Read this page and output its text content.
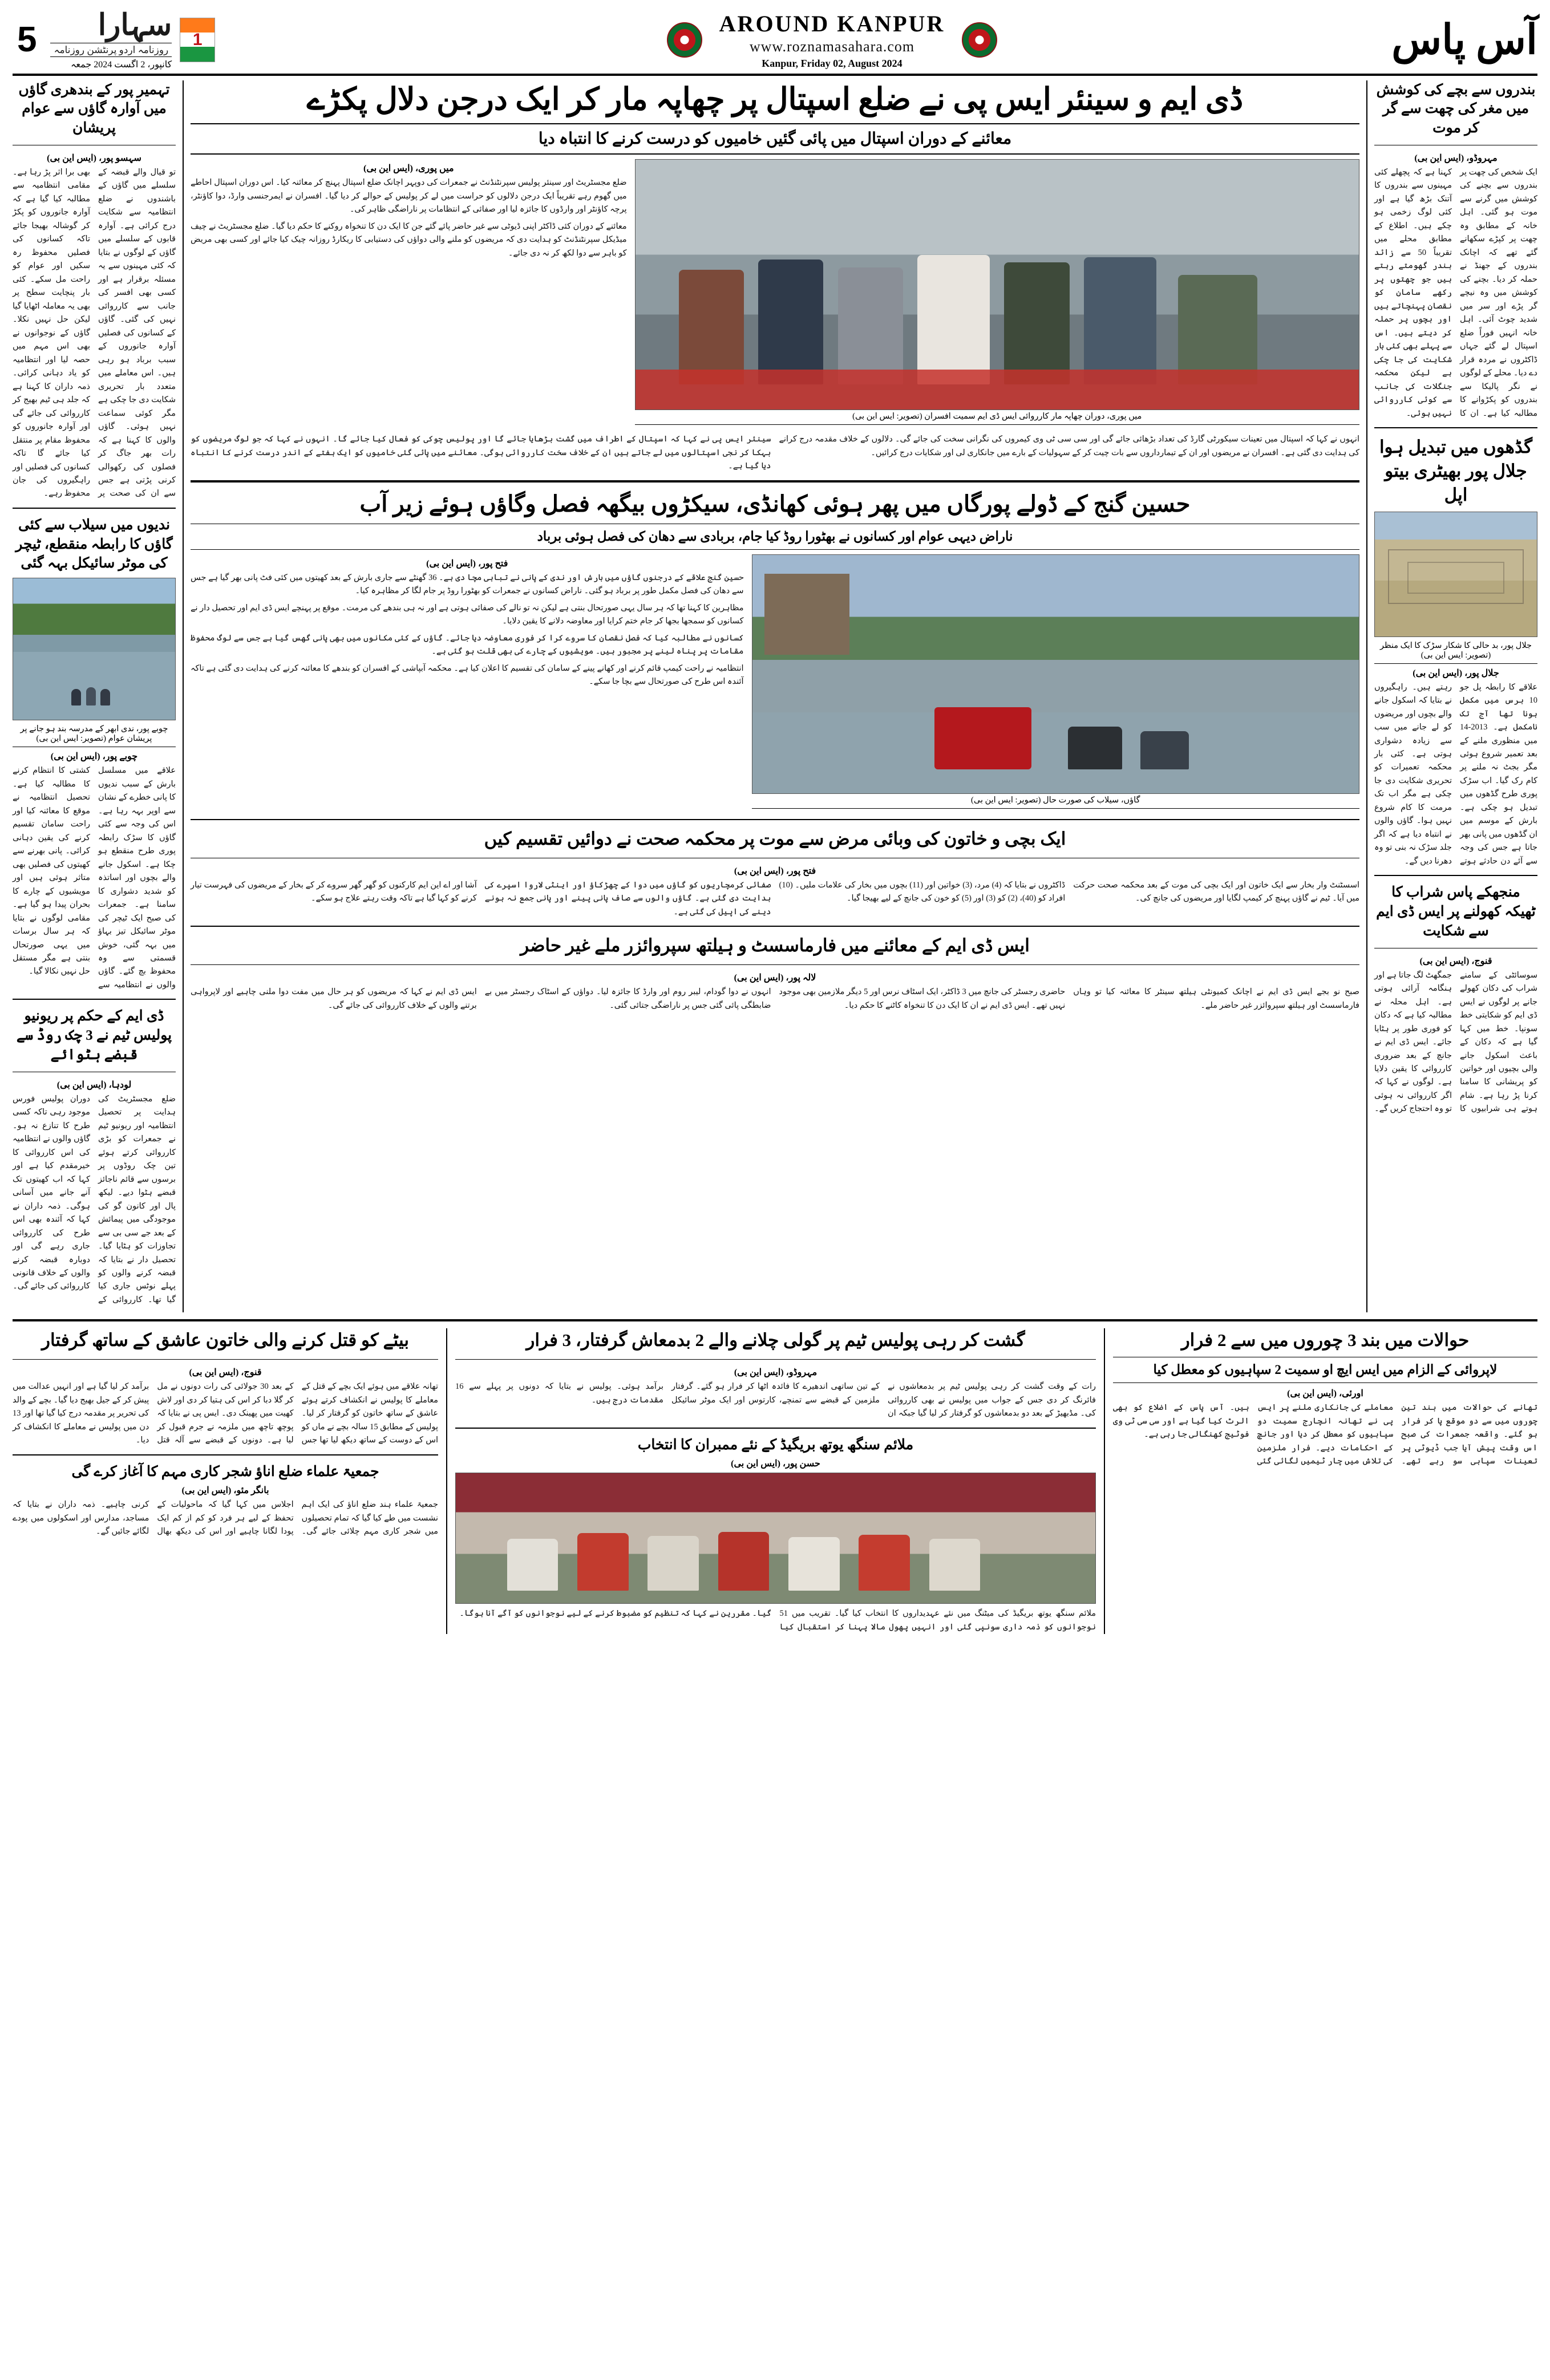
5 سہارا
روزنامہ اردو پرنٹشن روزنامہ
کانپور، 2 اگست 2024 جمعہ
1
AROUND KANPUR
www.roznamasahara.com
Kanpur, Friday 02, August 2024
آس پاس
بندروں سے بچے کی کوشش میں مغر کی چھت سے گر کر موت
مہروڈو، (ایس این بی)
ایک شخص کی چھت پر بندروں سے بچنے کی کوشش میں گرنے سے موت ہو گئی۔ اہل خانہ کے مطابق وہ چھت پر کپڑے سکھانے گئے تھے کہ اچانک بندروں کے جھنڈ نے حملہ کر دیا۔ بچنے کی کوشش میں وہ نیچے گر پڑے اور سر میں شدید چوٹ آئی۔ اہل خانہ انہیں فوراً ضلع اسپتال لے گئے جہاں ڈاکٹروں نے مردہ قرار دے دیا۔ محلے کے لوگوں نے نگر پالیکا سے بندروں کو پکڑوانے کا مطالبہ کیا ہے۔ ان کا کہنا ہے کہ پچھلے کئی مہینوں سے بندروں کا آتنک بڑھ گیا ہے اور کئی لوگ زخمی ہو چکے ہیں۔ اطلاع کے مطابق محلے میں تقریباً 50 سے زائد بندر گھومتے رہتے ہیں جو چھتوں پر رکھے سامان کو نقصان پہنچاتے ہیں اور بچوں پر حملہ کر دیتے ہیں۔ اس سے پہلے بھی کئی بار شکایت کی جا چکی ہے لیکن محکمہ جنگلات کی جانب سے کوئی کارروائی نہیں ہوئی۔
گڈھوں میں تبدیل ہوا جلال پور بھیٹری بیتو اپل
جلال پور، بد حالی کا شکار سڑک کا ایک منظر (تصویر: ایس این بی)
جلال پور، (ایس این بی)
علاقے کا رابطہ پل جو 10 برس میں مکمل ہونا تھا آج تک نامکمل ہے۔ 2013-14 میں منظوری ملنے کے بعد تعمیر شروع ہوئی مگر بجٹ نہ ملنے پر کام رک گیا۔ اب سڑک پوری طرح گڈھوں میں تبدیل ہو چکی ہے۔ بارش کے موسم میں ان گڈھوں میں پانی بھر جاتا ہے جس کی وجہ سے آئے دن حادثے ہوتے رہتے ہیں۔ راہگیروں نے بتایا کہ اسکول جانے والے بچوں اور مریضوں کو لے جانے میں سب سے زیادہ دشواری ہوتی ہے۔ کئی بار محکمہ تعمیرات کو تحریری شکایت دی جا چکی ہے مگر اب تک مرمت کا کام شروع نہیں ہوا۔ گاؤں والوں نے انتباہ دیا ہے کہ اگر جلد سڑک نہ بنی تو وہ دھرنا دیں گے۔
منجھکے پاس شراب کا ٹھیکہ کھولنے پر ایس ڈی ایم سے شکایت
قنوج، (ایس این بی)
سوسائٹی کے سامنے شراب کی دکان کھولے جانے پر لوگوں نے ایس ڈی ایم کو شکایتی خط سونپا۔ خط میں کہا گیا ہے کہ دکان کے باعث اسکول جانے والی بچیوں اور خواتین کو پریشانی کا سامنا کرنا پڑ رہا ہے۔ شام ہوتے ہی شرابیوں کا جمگھٹ لگ جاتا ہے اور ہنگامہ آرائی ہوتی ہے۔ اہل محلہ نے مطالبہ کیا ہے کہ دکان کو فوری طور پر ہٹایا جائے۔ ایس ڈی ایم نے جانچ کے بعد ضروری کارروائی کا یقین دلایا ہے۔ لوگوں نے کہا کہ اگر کارروائی نہ ہوئی تو وہ احتجاج کریں گے۔
ڈی ایم و سینئر ایس پی نے ضلع اسپتال پر چھاپہ مار کر ایک درجن دلال پکڑے
معائنے کے دوران اسپتال میں پائی گئیں خامیوں کو درست کرنے کا انتباہ دیا
میں پوری، دوران چھاپہ مار کارروائی ایس ڈی ایم سمیت افسران (تصویر: ایس این بی)
میں پوری، (ایس این بی)
ضلع مجسٹریٹ اور سینئر پولیس سپرنٹنڈنٹ نے جمعرات کی دوپہر اچانک ضلع اسپتال پہنچ کر معائنہ کیا۔ اس دوران اسپتال احاطے میں گھوم رہے تقریباً ایک درجن دلالوں کو حراست میں لے کر پولیس کے حوالے کر دیا گیا۔ افسران نے ایمرجنسی وارڈ، دوا کاؤنٹر، پرچہ کاؤنٹر اور وارڈوں کا جائزہ لیا اور صفائی کے انتظامات پر ناراضگی ظاہر کی۔
معائنے کے دوران کئی ڈاکٹر اپنی ڈیوٹی سے غیر حاضر پائے گئے جن کا ایک دن کا تنخواہ روکنے کا حکم دیا گیا۔ ضلع مجسٹریٹ نے چیف میڈیکل سپرنٹنڈنٹ کو ہدایت دی کہ مریضوں کو ملنے والی دواؤں کی دستیابی کا ریکارڈ روزانہ چیک کیا جائے اور کسی بھی مریض کو باہر سے دوا لکھ کر نہ دی جائے۔
انہوں نے کہا کہ اسپتال میں تعینات سیکورٹی گارڈ کی تعداد بڑھائی جائے گی اور سی سی ٹی وی کیمروں کی نگرانی سخت کی جائے گی۔ دلالوں کے خلاف مقدمہ درج کرانے کی ہدایت دی گئی ہے۔ افسران نے مریضوں اور ان کے تیمارداروں سے بات چیت کر کے سہولیات کے بارے میں جانکاری لی اور شکایات درج کرائیں۔
سینئر ایس پی نے کہا کہ اسپتال کے اطراف میں گشت بڑھایا جائے گا اور پولیس چوکی کو فعال کیا جائے گا۔ انہوں نے کہا کہ جو لوگ مریضوں کو بہکا کر نجی اسپتالوں میں لے جاتے ہیں ان کے خلاف سخت کارروائی ہوگی۔ معائنے میں پائی گئی خامیوں کو ایک ہفتے کے اندر درست کرنے کا انتباہ دیا گیا ہے۔
حسین گنج کے ڈولے پورگاں میں پھر ہوئی کھانڈی، سیکڑوں بیگھہ فصل وگاؤں ہوئے زیر آب
ناراض دیہی عوام اور کسانوں نے بھٹورا روڈ کیا جام، بربادی سے دھان کی فصل ہوئی برباد
گاؤں، سیلاب کی صورت حال (تصویر: ایس این بی)
فتح پور، (ایس این بی)
حسین گنج علاقے کے درجنوں گاؤں میں بارش اور ندی کے پانی نے تباہی مچا دی ہے۔ 36 گھنٹے سے جاری بارش کے بعد کھیتوں میں کئی فٹ پانی بھر گیا ہے جس سے دھان کی فصل مکمل طور پر برباد ہو گئی۔ ناراض کسانوں نے جمعرات کو بھٹورا روڈ پر جام لگا کر مظاہرہ کیا۔
مظاہرین کا کہنا تھا کہ ہر سال یہی صورتحال بنتی ہے لیکن نہ تو نالے کی صفائی ہوتی ہے اور نہ ہی بندھے کی مرمت۔ موقع پر پہنچے ایس ڈی ایم اور تحصیل دار نے کسانوں کو سمجھا بجھا کر جام ختم کرایا اور معاوضہ دلانے کا یقین دلایا۔
کسانوں نے مطالبہ کیا کہ فصل نقصان کا سروے کرا کر فوری معاوضہ دیا جائے۔ گاؤں کے کئی مکانوں میں بھی پانی گھس گیا ہے جس سے لوگ محفوظ مقامات پر پناہ لینے پر مجبور ہیں۔ مویشیوں کے چارے کی بھی قلت ہو گئی ہے۔
انتظامیہ نے راحت کیمپ قائم کرنے اور کھانے پینے کے سامان کی تقسیم کا اعلان کیا ہے۔ محکمہ آبپاشی کے افسران کو بندھے کا معائنہ کرنے کی ہدایت دی گئی ہے تاکہ آئندہ اس طرح کی صورتحال سے بچا جا سکے۔
ایک بچی و خاتون کی وبائی مرض سے موت پر محکمہ صحت نے دوائیں تقسیم کیں
فتح پور، (ایس این بی)
اسسٹنٹ وار بخار سے ایک خاتون اور ایک بچی کی موت کے بعد محکمہ صحت حرکت میں آیا۔ ٹیم نے گاؤں پہنچ کر کیمپ لگایا اور مریضوں کی جانچ کی۔
ڈاکٹروں نے بتایا کہ (4) مرد، (3) خواتین اور (11) بچوں میں بخار کی علامات ملیں۔ (10) افراد کو (40)، (2) کو (3) اور (5) کو خون کی جانچ کے لیے بھیجا گیا۔
صفائی کرمچاریوں کو گاؤں میں دوا کے چھڑکاؤ اور اینٹی لاروا اسپرے کی ہدایت دی گئی ہے۔ گاؤں والوں سے صاف پانی پینے اور پانی جمع نہ ہونے دینے کی اپیل کی گئی ہے۔
آشا اور اے این ایم کارکنوں کو گھر گھر سروے کر کے بخار کے مریضوں کی فہرست تیار کرنے کو کہا گیا ہے تاکہ وقت رہتے علاج ہو سکے۔
ایس ڈی ایم کے معائنے میں فارماسسٹ و ہیلتھ سپروائزر ملے غیر حاضر
لالہ پور، (ایس این بی)
صبح نو بجے ایس ڈی ایم نے اچانک کمیونٹی ہیلتھ سینٹر کا معائنہ کیا تو وہاں فارماسسٹ اور ہیلتھ سپروائزر غیر حاضر ملے۔
حاضری رجسٹر کی جانچ میں 3 ڈاکٹر، ایک اسٹاف نرس اور 5 دیگر ملازمین بھی موجود نہیں تھے۔ ایس ڈی ایم نے ان کا ایک دن کا تنخواہ کاٹنے کا حکم دیا۔
انہوں نے دوا گودام، لیبر روم اور وارڈ کا جائزہ لیا۔ دواؤں کے اسٹاک رجسٹر میں بے ضابطگی پائی گئی جس پر ناراضگی جتائی گئی۔
ایس ڈی ایم نے کہا کہ مریضوں کو ہر حال میں مفت دوا ملنی چاہیے اور لاپرواہی برتنے والوں کے خلاف کارروائی کی جائے گی۔
تہمیر پور کے بندھری گاؤں میں آوارہ گاؤں سے عوام پریشان
سہسو پور، (ایس این بی)
تو قیال والے قبضہ کے سلسلے میں گاؤں کے باشندوں نے ضلع انتظامیہ سے شکایت درج کرائی ہے۔ آوارہ قابوں کے سلسلے میں گاؤں کے لوگوں نے بتایا کہ کئی مہینوں سے یہ مسئلہ برقرار ہے اور کسی بھی افسر کی جانب سے کارروائی نہیں کی گئی۔ گاؤں کے کسانوں کی فصلیں آوارہ جانوروں کے سبب برباد ہو رہی ہیں۔ اس معاملے میں متعدد بار تحریری شکایت دی جا چکی ہے مگر کوئی سماعت نہیں ہوئی۔ گاؤں والوں کا کہنا ہے کہ رات بھر جاگ کر فصلوں کی رکھوالی کرنی پڑتی ہے جس سے ان کی صحت پر بھی برا اثر پڑ رہا ہے۔ مقامی انتظامیہ سے مطالبہ کیا گیا ہے کہ آوارہ جانوروں کو پکڑ کر گوشالہ بھیجا جائے تاکہ کسانوں کی فصلیں محفوظ رہ سکیں اور عوام کو راحت مل سکے۔ کئی بار پنچایت سطح پر بھی یہ معاملہ اٹھایا گیا لیکن حل نہیں نکلا۔ گاؤں کے نوجوانوں نے بھی اس مہم میں حصہ لیا اور انتظامیہ کو یاد دہانی کرائی۔ ذمہ داران کا کہنا ہے کہ جلد ہی ٹیم بھیج کر کارروائی کی جائے گی اور آوارہ جانوروں کو محفوظ مقام پر منتقل کیا جائے گا تاکہ کسانوں کی فصلیں اور راہگیروں کی جان محفوظ رہے۔
ندیوں میں سیلاب سے کئی گاؤں کا رابطہ منقطع، ٹیچر کی موٹر سائیکل بہہ گئی
چوبے پور، ندی ابھر کے مدرسہ بند ہو جانے پر پریشان عوام (تصویر: ایس این بی)
چوبے پور، (ایس این بی)
علاقے میں مسلسل بارش کے سبب ندیوں کا پانی خطرے کے نشان سے اوپر بہہ رہا ہے۔ اس کی وجہ سے کئی گاؤں کا سڑک رابطہ پوری طرح منقطع ہو چکا ہے۔ اسکول جانے والے بچوں اور اساتذہ کو شدید دشواری کا سامنا ہے۔ جمعرات کی صبح ایک ٹیچر کی موٹر سائیکل تیز بہاؤ میں بہہ گئی، خوش قسمتی سے وہ محفوظ بچ گئے۔ گاؤں والوں نے انتظامیہ سے کشتی کا انتظام کرنے کا مطالبہ کیا ہے۔ تحصیل انتظامیہ نے موقع کا معائنہ کیا اور راحت سامان تقسیم کرنے کی یقین دہانی کرائی۔ پانی بھرنے سے کھیتوں کی فصلیں بھی متاثر ہوئی ہیں اور مویشیوں کے چارے کا بحران پیدا ہو گیا ہے۔ مقامی لوگوں نے بتایا کہ ہر سال برسات میں یہی صورتحال بنتی ہے مگر مستقل حل نہیں نکالا گیا۔
ڈی ایم کے حکم پر ریونیو پولیس ٹیم نے 3 چک روڈ سے قبضے ہٹوائے
لودہا، (ایس این بی)
ضلع مجسٹریٹ کی ہدایت پر تحصیل انتظامیہ اور ریونیو ٹیم نے جمعرات کو بڑی کارروائی کرتے ہوئے تین چک روڈوں پر برسوں سے قائم ناجائز قبضے ہٹوا دیے۔ لیکھ پال اور کانون گو کی موجودگی میں پیمائش کے بعد جے سی بی سے تجاوزات کو ہٹایا گیا۔ تحصیل دار نے بتایا کہ قبضہ کرنے والوں کو پہلے نوٹس جاری کیا گیا تھا۔ کارروائی کے دوران پولیس فورس موجود رہی تاکہ کسی طرح کا تنازع نہ ہو۔ گاؤں والوں نے انتظامیہ کی اس کارروائی کا خیرمقدم کیا ہے اور کہا کہ اب کھیتوں تک آنے جانے میں آسانی ہوگی۔ ذمہ داران نے کہا کہ آئندہ بھی اس طرح کی کارروائی جاری رہے گی اور دوبارہ قبضہ کرنے والوں کے خلاف قانونی کارروائی کی جائے گی۔
حوالات میں بند 3 چوروں میں سے 2 فرار
لاپروائی کے الزام میں ایس ایچ او سمیت 2 سپاہیوں کو معطل کیا
اورئی، (ایس این بی)
تھانے کی حوالات میں بند تین چوروں میں سے دو موقع پا کر فرار ہو گئے۔ واقعہ جمعرات کی صبح اس وقت پیش آیا جب ڈیوٹی پر تعینات سپاہی سو رہے تھے۔ معاملے کی جانکاری ملنے پر ایس پی نے تھانہ انچارج سمیت دو سپاہیوں کو معطل کر دیا اور جانچ کے احکامات دیے۔ فرار ملزمین کی تلاش میں چار ٹیمیں لگائی گئی ہیں۔ آس پاس کے اضلاع کو بھی الرٹ کیا گیا ہے اور سی سی ٹی وی فوٹیج کھنگالی جا رہی ہے۔
گشت کر رہی پولیس ٹیم پر گولی چلانے والے 2 بدمعاش گرفتار، 3 فرار
مہروڈو، (ایس این بی)
رات کے وقت گشت کر رہی پولیس ٹیم پر بدمعاشوں نے فائرنگ کر دی جس کے جواب میں پولیس نے بھی کارروائی کی۔ مڈبھیڑ کے بعد دو بدمعاشوں کو گرفتار کر لیا گیا جبکہ ان کے تین ساتھی اندھیرے کا فائدہ اٹھا کر فرار ہو گئے۔ گرفتار ملزمین کے قبضے سے تمنچے، کارتوس اور ایک موٹر سائیکل برآمد ہوئی۔ پولیس نے بتایا کہ دونوں پر پہلے سے 16 مقدمات درج ہیں۔
ملائم سنگھ یوتھ بریگیڈ کے نئے ممبران کا انتخاب
حسن پور، (ایس این بی)
ملائم سنگھ یوتھ بریگیڈ کی میٹنگ میں نئے عہدیداروں کا انتخاب کیا گیا۔ تقریب میں 51 نوجوانوں کو ذمہ داری سونپی گئی اور انہیں پھول مالا پہنا کر استقبال کیا گیا۔ مقررین نے کہا کہ تنظیم کو مضبوط کرنے کے لیے نوجوانوں کو آگے آنا ہوگا۔
بیٹے کو قتل کرنے والی خاتون عاشق کے ساتھ گرفتار
قنوج، (ایس این بی)
تھانہ علاقے میں ہوئے ایک بچے کے قتل کے معاملے کا پولیس نے انکشاف کرتے ہوئے عاشق کے ساتھ خاتون کو گرفتار کر لیا۔ پولیس کے مطابق 15 سالہ بچے نے ماں کو اس کے دوست کے ساتھ دیکھ لیا تھا جس کے بعد 30 جولائی کی رات دونوں نے مل کر گلا دبا کر اس کی ہتیا کر دی اور لاش کھیت میں پھینک دی۔ ایس پی نے بتایا کہ پوچھ تاچھ میں ملزمہ نے جرم قبول کر لیا ہے۔ دونوں کے قبضے سے آلہ قتل برآمد کر لیا گیا ہے اور انہیں عدالت میں پیش کر کے جیل بھیج دیا گیا۔ بچے کے والد کی تحریر پر مقدمہ درج کیا گیا تھا اور 13 دن میں پولیس نے معاملے کا انکشاف کر دیا۔
جمعیۃ علماء ضلع اناؤ شجر کاری مہم کا آغاز کرے گی
بانگر مئو، (ایس این بی)
جمعیۃ علماء ہند ضلع اناؤ کی ایک اہم نشست میں طے کیا گیا کہ تمام تحصیلوں میں شجر کاری مہم چلائی جائے گی۔ اجلاس میں کہا گیا کہ ماحولیات کے تحفظ کے لیے ہر فرد کو کم از کم ایک پودا لگانا چاہیے اور اس کی دیکھ بھال کرنی چاہیے۔ ذمہ داران نے بتایا کہ مساجد، مدارس اور اسکولوں میں پودے لگائے جائیں گے۔
